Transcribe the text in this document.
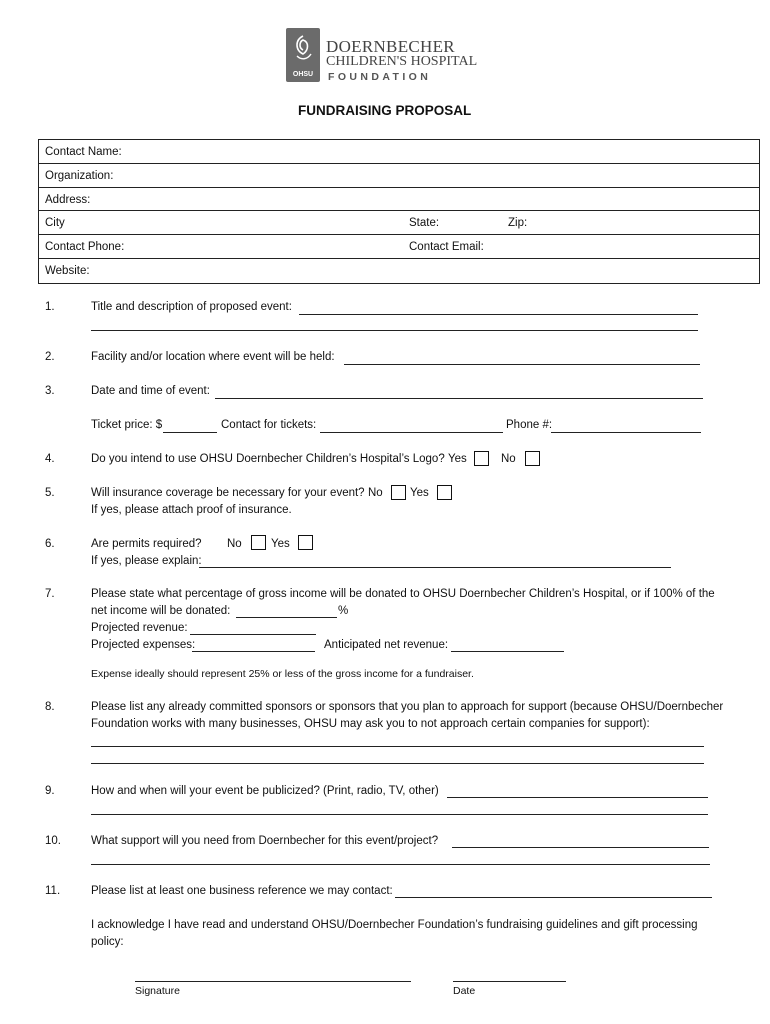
OHSU
DOERNBECHER
CHILDREN'S HOSPITAL
FOUNDATION
FUNDRAISING PROPOSAL
Contact Name:
Organization:
Address:
City	State:	Zip:
Contact Phone:	Contact Email:
Website:
1.	Title and description of proposed event:
2.	Facility and/or location where event will be held:
3.	Date and time of event:
Ticket price: $	Contact for tickets:	Phone #:
4.	Do you intend to use OHSU Doernbecher Children’s Hospital’s Logo? Yes	No
5.	Will insurance coverage be necessary for your event? No Yes
If yes, please attach proof of insurance.
6.	Are permits required? No	Yes
If yes, please explain:
7.	Please state what percentage of gross income will be donated to OHSU Doernbecher Children’s Hospital, or if 100% of the
net income will be donated:	%
Projected revenue:
Projected expenses:	Anticipated net revenue:
Expense ideally should represent 25% or less of the gross income for a fundraiser.
8.	Please list any already committed sponsors or sponsors that you plan to approach for support (because OHSU/Doernbecher
Foundation works with many businesses, OHSU may ask you to not approach certain companies for support):
9.	How and when will your event be publicized? (Print, radio, TV, other)
10.	What support will you need from Doernbecher for this event/project?
11.	Please list at least one business reference we may contact:
I acknowledge I have read and understand OHSU/Doernbecher Foundation’s fundraising guidelines and gift processing
policy:
Signature	Date
